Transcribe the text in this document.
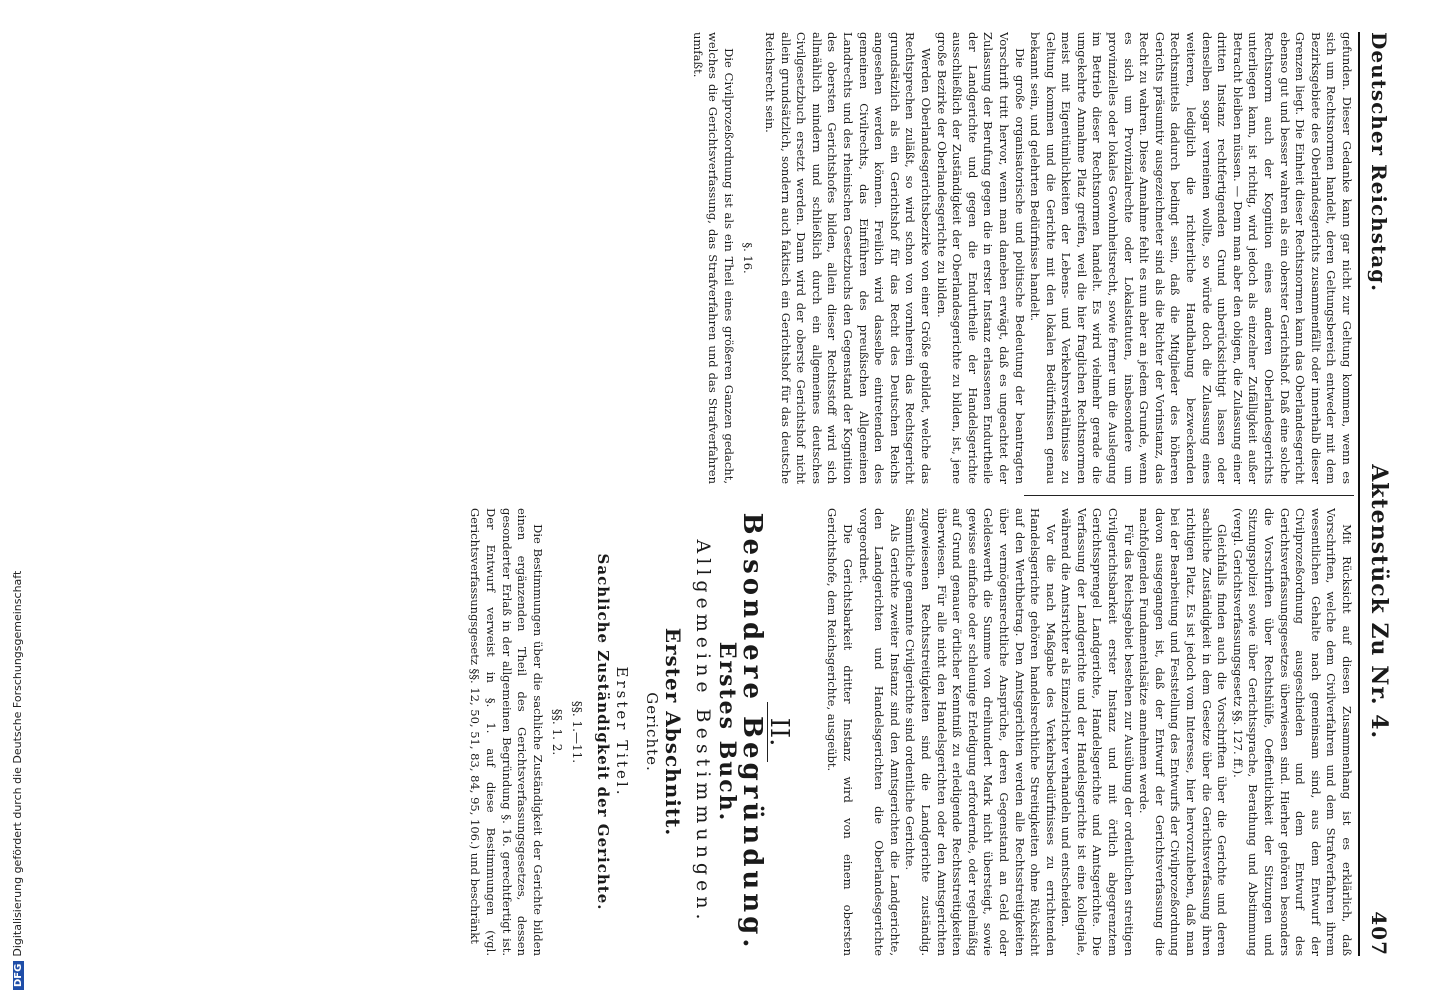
DFGDigitalisierung gefördert durch die Deutsche Forschungsgemeinschaft
Deutscher Reichstag.
Aktenstück Zu Nr. 4.
407

gefunden. Dieser Gedanke kann gar nicht zur Geltung kommen, wenn es sich um Rechtsnormen handelt, deren Geltungsbereich entweder mit dem Bezirksgebiete des Oberlandesgerichts zusammenfällt oder innerhalb dieser Grenzen liegt. Die Einheit dieser Rechtsnormen kann das Oberlandesgericht ebenso gut und besser wahren als ein oberster Gerichtshof. Daß eine solche Rechtsnorm auch der Kognition eines anderen Oberlandesgerichts unterliegen kann, ist richtig, wird jedoch als einzelner Zufälligkeit außer Betracht bleiben müssen. — Denn man aber den obigen, die Zulassung einer dritten Instanz rechtfertigenden Grund unberücksichtigt lassen oder denselben sogar verneinen wollte, so würde doch die Zulassung eines weiteren, lediglich die richterliche Handhabung bezweckenden Rechtsmittels dadurch bedingt sein, daß die Mitglieder des höheren Gerichts präsumtiv ausgezeichneter sind als die Richter der Vorinstanz, das Recht zu wahren. Diese Annahme fehlt es nun aber an jedem Grunde, wenn es sich um Provinzialrechte oder Lokalstatuten, insbesondere um provinzielles oder lokales Gewohnheitsrecht, sowie ferner um die Auslegung im Betrieb dieser Rechtsnormen handelt. Es wird vielmehr gerade die umgekehrte Annahme Platz greifen, weil die hier fraglichen Rechtsnormen meist mit Eigentümlichkeiten der Lebens- und Verkehrsverhältnisse zu Geltung kommen und die Gerichte mit den lokalen Bedürfnissen genau bekannt sein, und gelehrten Bedürfnisse handelt.

Die große organisatorische und politische Bedeutung der beantragten Vorschrift tritt hervor, wenn man daneben erwägt, daß es ungeachtet der Zulassung der Berufung gegen die in erster Instanz erlassenen Endurtheile der Landgerichte und gegen die Endurtheile der Handelsgerichte ausschließlich der Zuständigkeit der Oberlandesgerichte zu bilden, ist, jene große Bezirke der Oberlandesgerichte zu bilden.

Werden Oberlandesgerichtsbezirke von einer Größe gebildet, welche das Rechtsprechen zuläßt, so wird schon von vornherein das Rechtsgericht grundsätzlich als ein Gerichtshof für das Recht des Deutschen Reichs angesehen werden können. Freilich wird dasselbe eintretenden des gemeinen Civilrechts, das Einführen des preußischen Allgemeinen Landrechts und des rheinischen Gesetzbuchs den Gegenstand der Kognition des obersten Gerichtshofes bilden, allein dieser Rechtsstoff wird sich allmählich mindern und schließlich durch ein allgemeines deutsches Civilgesetzbuch ersetzt werden. Dann wird der oberste Gerichtshof nicht allein grundsätzlich, sondern auch faktisch ein Gerichtshof für das deutsche Reichsrecht sein.

§. 16.

Die Civilprozeßordnung ist als ein Theil eines größeren Ganzen gedacht, welches die Gerichtsverfassung, das Strafverfahren und das Strafverfahren umfaßt.

Mit Rücksicht auf diesen Zusammenhang ist es erklärlich, daß Vorschriften, welche dem Civilverfahren und dem Strafverfahren ihrem wesentlichen Gehalte nach gemeinsam sind, aus dem Entwurf der Civilprozeßordnung ausgeschieden und dem Entwurf des Gerichtsverfassungsgesetzes überwiesen sind. Hierher gehören besonders die Vorschriften über Rechtshülfe, Oeffentlichkeit der Sitzungen und Sitzungspolizei sowie über Gerichtssprache, Berathung und Abstimmung (vergl. Gerichtsverfassungsgesetz §§. 127. ff.).

Gleichfalls finden auch die Vorschriften über die Gerichte und deren sachliche Zuständigkeit in dem Gesetze über die Gerichtsverfassung ihren richtigen Platz. Es ist jedoch vom Interesse, hier hervorzuheben, daß man bei der Bearbeitung und Feststellung des Entwurfs der Civilprozeßordnung davon ausgegangen ist, daß der Entwurf der Gerichtsverfassung die nachfolgenden Fundamentalsätze annehmen werde.

Für das Reichsgebiet bestehen zur Ausübung der ordentlichen streitigen Civilgerichtsbarkeit erster Instanz und mit örtlich abgegrenztem Gerichtssprengel Landgerichte, Handelsgerichte und Amtsgerichte. Die Verfassung der Landgerichte und der Handelsgerichte ist eine kollegiale, während die Amtsrichter als Einzelrichter verhandeln und entscheiden.

Vor die nach Maßgabe des Verkehrsbedürfnisses zu errichtenden Handelsgerichte gehören handelsrechtliche Streitigkeiten ohne Rücksicht auf den Werthbetrag. Den Amtsgerichten werden alle Rechtsstreitigkeiten über vermögensrechtliche Ansprüche, deren Gegenstand an Geld oder Geldeswerth die Summe von dreihundert Mark nicht übersteigt, sowie gewisse einfache oder schleunige Erledigung erfordernde, oder regelmäßig auf Grund genauer örtlicher Kenntniß zu erledigende Rechtsstreitigkeiten überwiesen. Für alle nicht den Handelsgerichten oder den Amtsgerichten zugewiesenen Rechtsstreitigkeiten sind die Landgerichte zuständig. Sämmtliche genannte Civilgerichte sind ordentliche Gerichte.

Als Gerichte zweiter Instanz sind den Amtsgerichten die Landgerichte, den Landgerichten und Handelsgerichten die Oberlandesgerichte vorgeordnet.

Die Gerichtsbarkeit dritter Instanz wird von einem obersten Gerichtshofe, dem Reichsgerichte, ausgeübt.

II.
Besondere Begründung.
Erstes Buch.
Allgemeine Bestimmungen.
Erster Abschnitt.
Gerichte.
Erster Titel.
Sachliche Zuständigkeit der Gerichte.
§§. 1.—11.
§§. 1. 2.

Die Bestimmungen über die sachliche Zuständigkeit der Gerichte bilden einen ergänzenden Theil des Gerichtsverfassungsgesetzes, dessen gesonderter Erlaß in der allgemeinen Begründung §. 16. gerechtfertigt ist. Der Entwurf verweist in §. 1. auf diese Bestimmungen (vgl. Gerichtsverfassungsgesetz §§. 12, 50, 51, 83, 84, 95, 106.) und beschränkt
